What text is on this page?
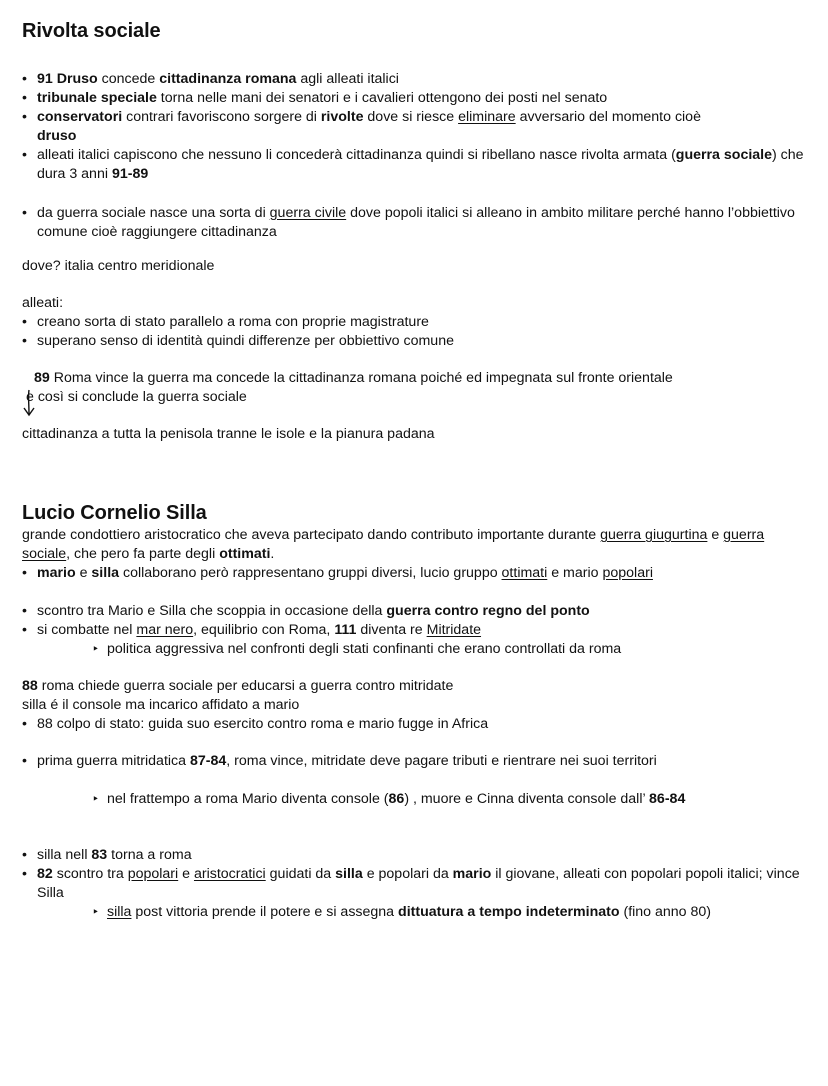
Rivolta sociale
• 91 Druso concede cittadinanza romana agli alleati italici
• tribunale speciale torna nelle mani dei senatori e i cavalieri ottengono dei posti nel senato
• conservatori contrari favoriscono sorgere di rivolte dove si riesce eliminare avversario del momento cioè
druso
• alleati italici capiscono che nessuno li concederà cittadinanza quindi si ribellano nasce rivolta armata (guerra sociale) che dura 3 anni 91-89
• da guerra sociale nasce una sorta di guerra civile dove popoli italici si alleano in ambito militare perché hanno l’obbiettivo comune cioè raggiungere cittadinanza
dove? italia centro meridionale
alleati:
• creano sorta di stato parallelo a roma con proprie magistrature
• superano senso di identità quindi differenze per obbiettivo comune
89 Roma vince la guerra ma concede la cittadinanza romana poiché ed impegnata sul fronte orientale
e così si conclude la guerra sociale
cittadinanza a tutta la penisola tranne le isole e la pianura padana
Lucio Cornelio Silla
grande condottiero aristocratico che aveva partecipato dando contributo importante durante guerra giugurtina e guerra sociale, che pero fa parte degli ottimati.
• mario e silla collaborano però rappresentano gruppi diversi, lucio gruppo ottimati e mario popolari
• scontro tra Mario e Silla che scoppia in occasione della guerra contro regno del ponto
• si combatte nel mar nero, equilibrio con Roma, 111 diventa re Mitridate
‣ politica aggressiva nel confronti degli stati confinanti che erano controllati da roma
88 roma chiede guerra sociale per educarsi a guerra contro mitridate
silla é il console ma incarico affidato a mario
• 88 colpo di stato: guida suo esercito contro roma e mario fugge in Africa
• prima guerra mitridatica 87-84, roma vince, mitridate deve pagare tributi e rientrare nei suoi territori
‣ nel frattempo a roma Mario diventa console (86) , muore e Cinna diventa console dall’ 86-84
• silla nell 83 torna a roma
• 82 scontro tra popolari e aristocratici guidati da silla e popolari da mario il giovane, alleati con popolari popoli italici; vince Silla
‣ silla post vittoria prende il potere e si assegna dittuatura a tempo indeterminato (fino anno 80)
